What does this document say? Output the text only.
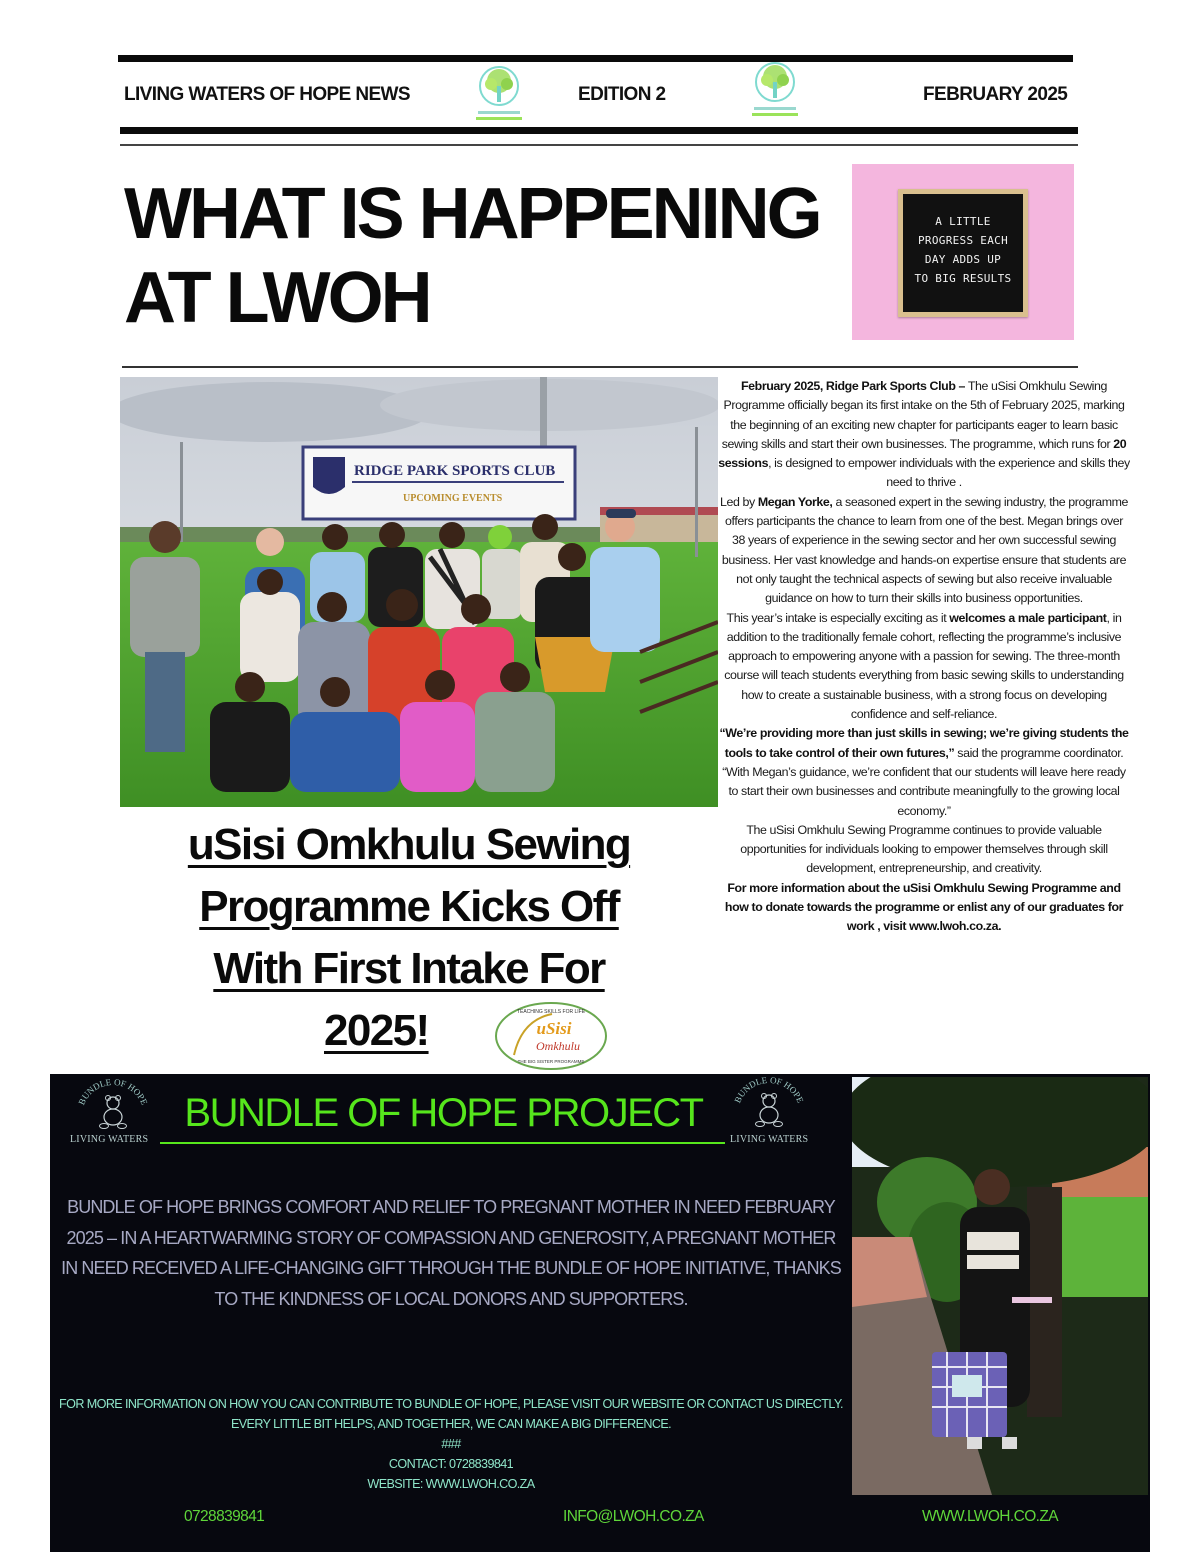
LIVING WATERS OF HOPE NEWS	EDITION 2	FEBRUARY 2025
WHAT IS HAPPENING
AT LWOH
A LITTLE
PROGRESS EACH
DAY ADDS UP
TO BIG RESULTS
RIDGE PARK SPORTS CLUB
UPCOMING EVENTS

February 2025, Ridge Park Sports Club – The uSisi Omkhulu Sewing Programme officially began its first intake on the 5th of February 2025, marking the beginning of an exciting new chapter for participants eager to learn basic sewing skills and start their own businesses. The programme, which runs for 20 sessions, is designed to empower individuals with the experience and skills they need to thrive .

Led by Megan Yorke, a seasoned expert in the sewing industry, the programme offers participants the chance to learn from one of the best. Megan brings over 38 years of experience in the sewing sector and her own successful sewing business. Her vast knowledge and hands-on expertise ensure that students are not only taught the technical aspects of sewing but also receive invaluable guidance on how to turn their skills into business opportunities.

This year’s intake is especially exciting as it welcomes a male participant, in addition to the traditionally female cohort, reflecting the programme’s inclusive approach to empowering anyone with a passion for sewing. The three-month course will teach students everything from basic sewing skills to understanding how to create a sustainable business, with a strong focus on developing confidence and self-reliance.

“We’re providing more than just skills in sewing; we’re giving students the tools to take control of their own futures,” said the programme coordinator. “With Megan’s guidance, we’re confident that our students will leave here ready to start their own businesses and contribute meaningfully to the growing local economy.”

The uSisi Omkhulu Sewing Programme continues to provide valuable opportunities for individuals looking to empower themselves through skill development, entrepreneurship, and creativity.

For more information about the uSisi Omkhulu Sewing Programme and how to donate towards the programme or enlist any of our graduates for work , visit www.lwoh.co.za.

uSisi Omkhulu Sewing
Programme Kicks Off
With First Intake For
2025!	TEACHING SKILLS FOR LIFE
uSisi
Omkhulu
THE BIG SISTER PROGRAMME
BUNDLE OF HOPE
LIVING WATERS
BUNDLE OF HOPE
LIVING WATERS
BUNDLE OF HOPE PROJECT
BUNDLE OF HOPE BRINGS COMFORT AND RELIEF TO PREGNANT MOTHER IN NEED FEBRUARY 2025 – IN A HEARTWARMING STORY OF COMPASSION AND GENEROSITY, A PREGNANT MOTHER IN NEED RECEIVED A LIFE-CHANGING GIFT THROUGH THE BUNDLE OF HOPE INITIATIVE, THANKS TO THE KINDNESS OF LOCAL DONORS AND SUPPORTERS.
FOR MORE INFORMATION ON HOW YOU CAN CONTRIBUTE TO BUNDLE OF HOPE, PLEASE VISIT OUR WEBSITE OR CONTACT US DIRECTLY. EVERY LITTLE BIT HELPS, AND TOGETHER, WE CAN MAKE A BIG DIFFERENCE.
###
CONTACT: 0728839841
WEBSITE: WWW.LWOH.CO.ZA
0728839841	INFO@LWOH.CO.ZA	WWW.LWOH.CO.ZA
